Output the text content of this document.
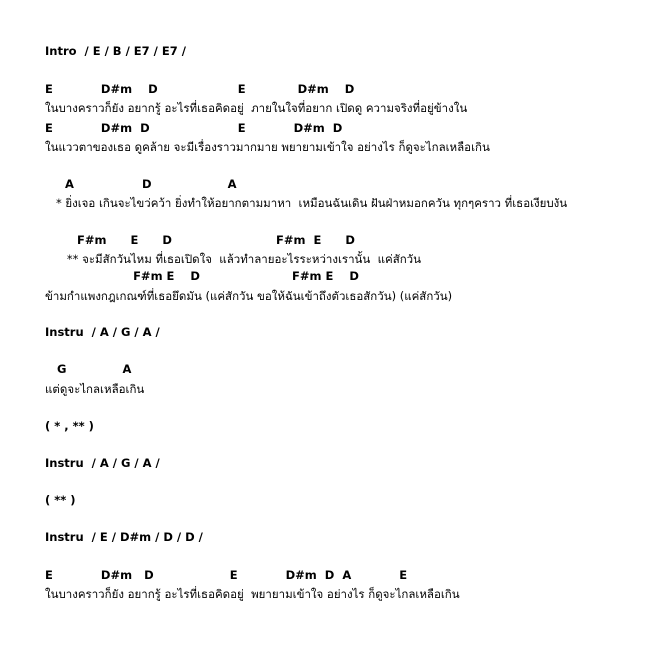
Intro  / E / B / E7 / E7 /
E            D#m    D                    E             D#m    D
ในบางคราวก็ยัง อยากรู้ อะไรที่เธอคิดอยู่  ภายในใจที่อยาก เปิดดู ความจริงที่อยู่ข้างใน
E            D#m  D                      E            D#m  D
ในแววตาของเธอ ดูคล้าย จะมีเรื่องราวมากมาย พยายามเข้าใจ อย่างไร ก็ดูจะไกลเหลือเกิน
A                 D                   A
* ยิ่งเจอ เกินจะไขว่คว้า ยิ่งทำให้อยากตามมาหา  เหมือนฉันเดิน ฝันฝ่าหมอกควัน ทุกๆคราว ที่เธอเงียบงัน
F#m      E      D                          F#m  E      D
** จะมีสักวันไหม ที่เธอเปิดใจ  แล้วทำลายอะไรระหว่างเรานั้น  แค่สักวัน
F#m E    D                       F#m E    D
ข้ามกำแพงกฎเกณฑ์ที่เธอยึดมัน (แค่สักวัน ขอให้ฉันเข้าถึงตัวเธอสักวัน) (แค่สักวัน)
Instru  / A / G / A /
G              A
แต่ดูจะไกลเหลือเกิน
( * , ** )
Instru  / A / G / A /
( ** )
Instru  / E / D#m / D / D /
E            D#m   D                   E            D#m  D  A            E
ในบางคราวก็ยัง อยากรู้ อะไรที่เธอคิดอยู่  พยายามเข้าใจ อย่างไร ก็ดูจะไกลเหลือเกิน
